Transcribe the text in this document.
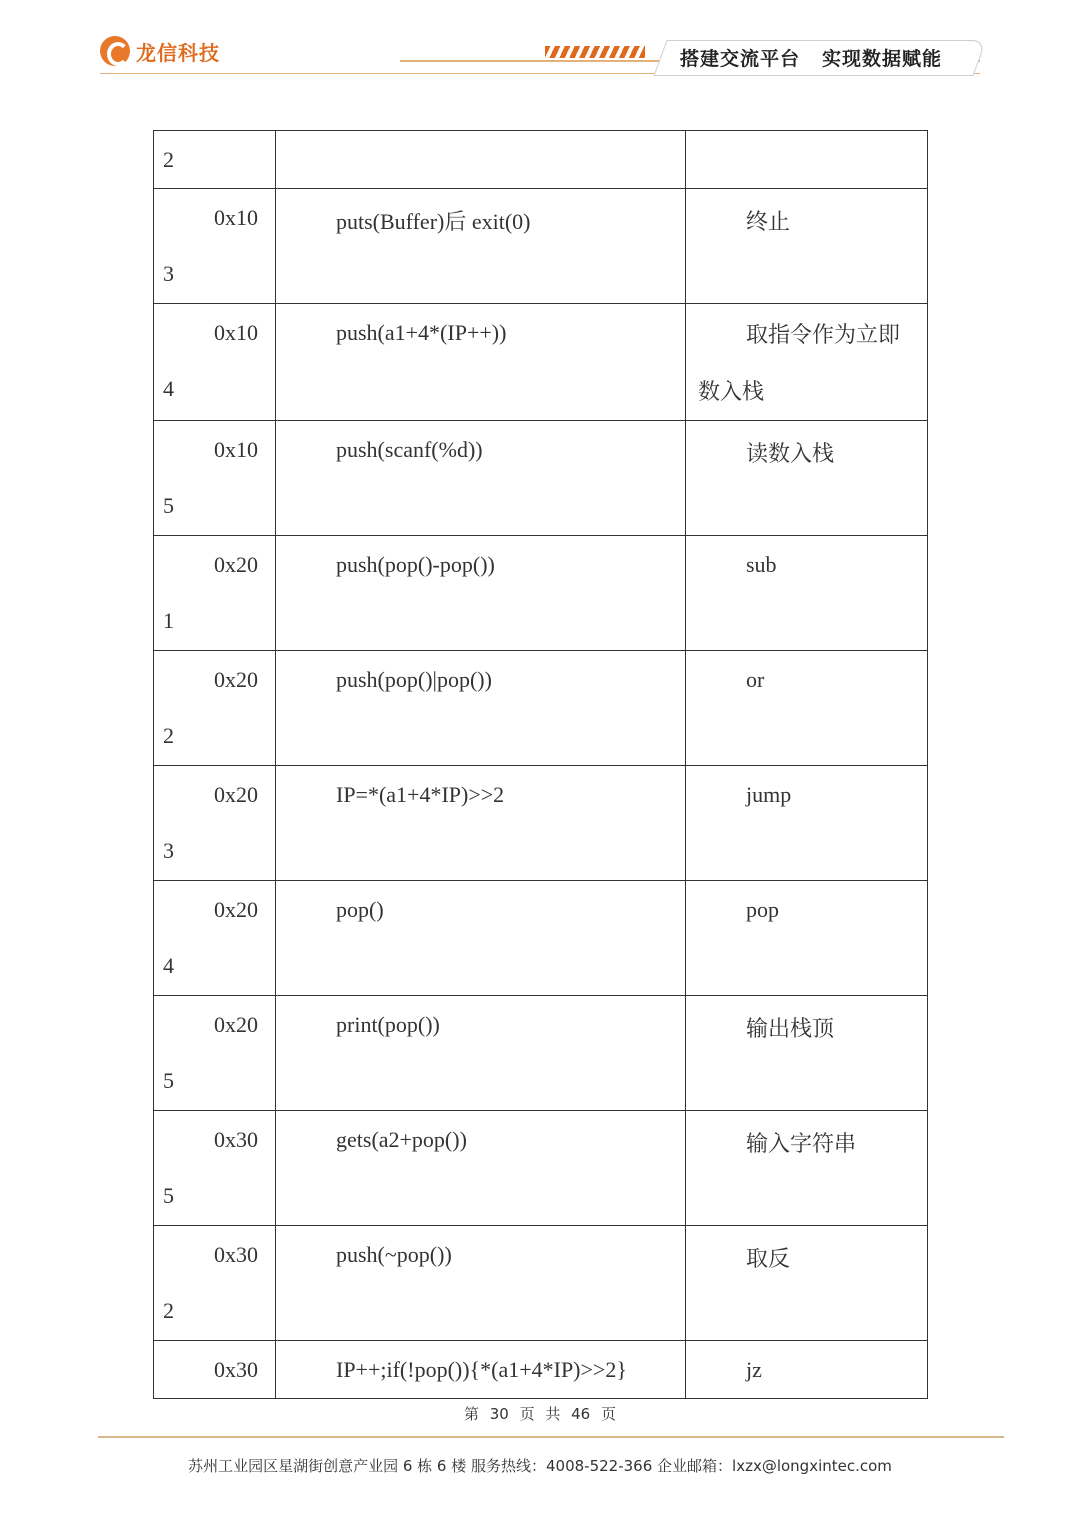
龙信科技	搭建交流平台 实现数据赋能
2		

0x10
3	puts(Buffer)后 exit(0)	终止

0x10
4	push(a1+4*(IP++))	取指令作为立即数入栈

0x10
5	push(scanf(%d))	读数入栈

0x20
1	push(pop()-pop())	sub

0x20
2	push(pop()|pop())	or

0x20
3	IP=*(a1+4*IP)>>2	jump

0x20
4	pop()	pop

0x20
5	print(pop())	输出栈顶

0x30
5	gets(a2+pop())	输入字符串

0x30
2	push(~pop())	取反

0x30	IP++;if(!pop()){*(a1+4*IP)>>2}	jz
第 30 页 共 46 页
苏州工业园区星湖街创意产业园 6 栋 6 楼 服务热线：4008-522-366 企业邮箱：lxzx@longxintec.com
